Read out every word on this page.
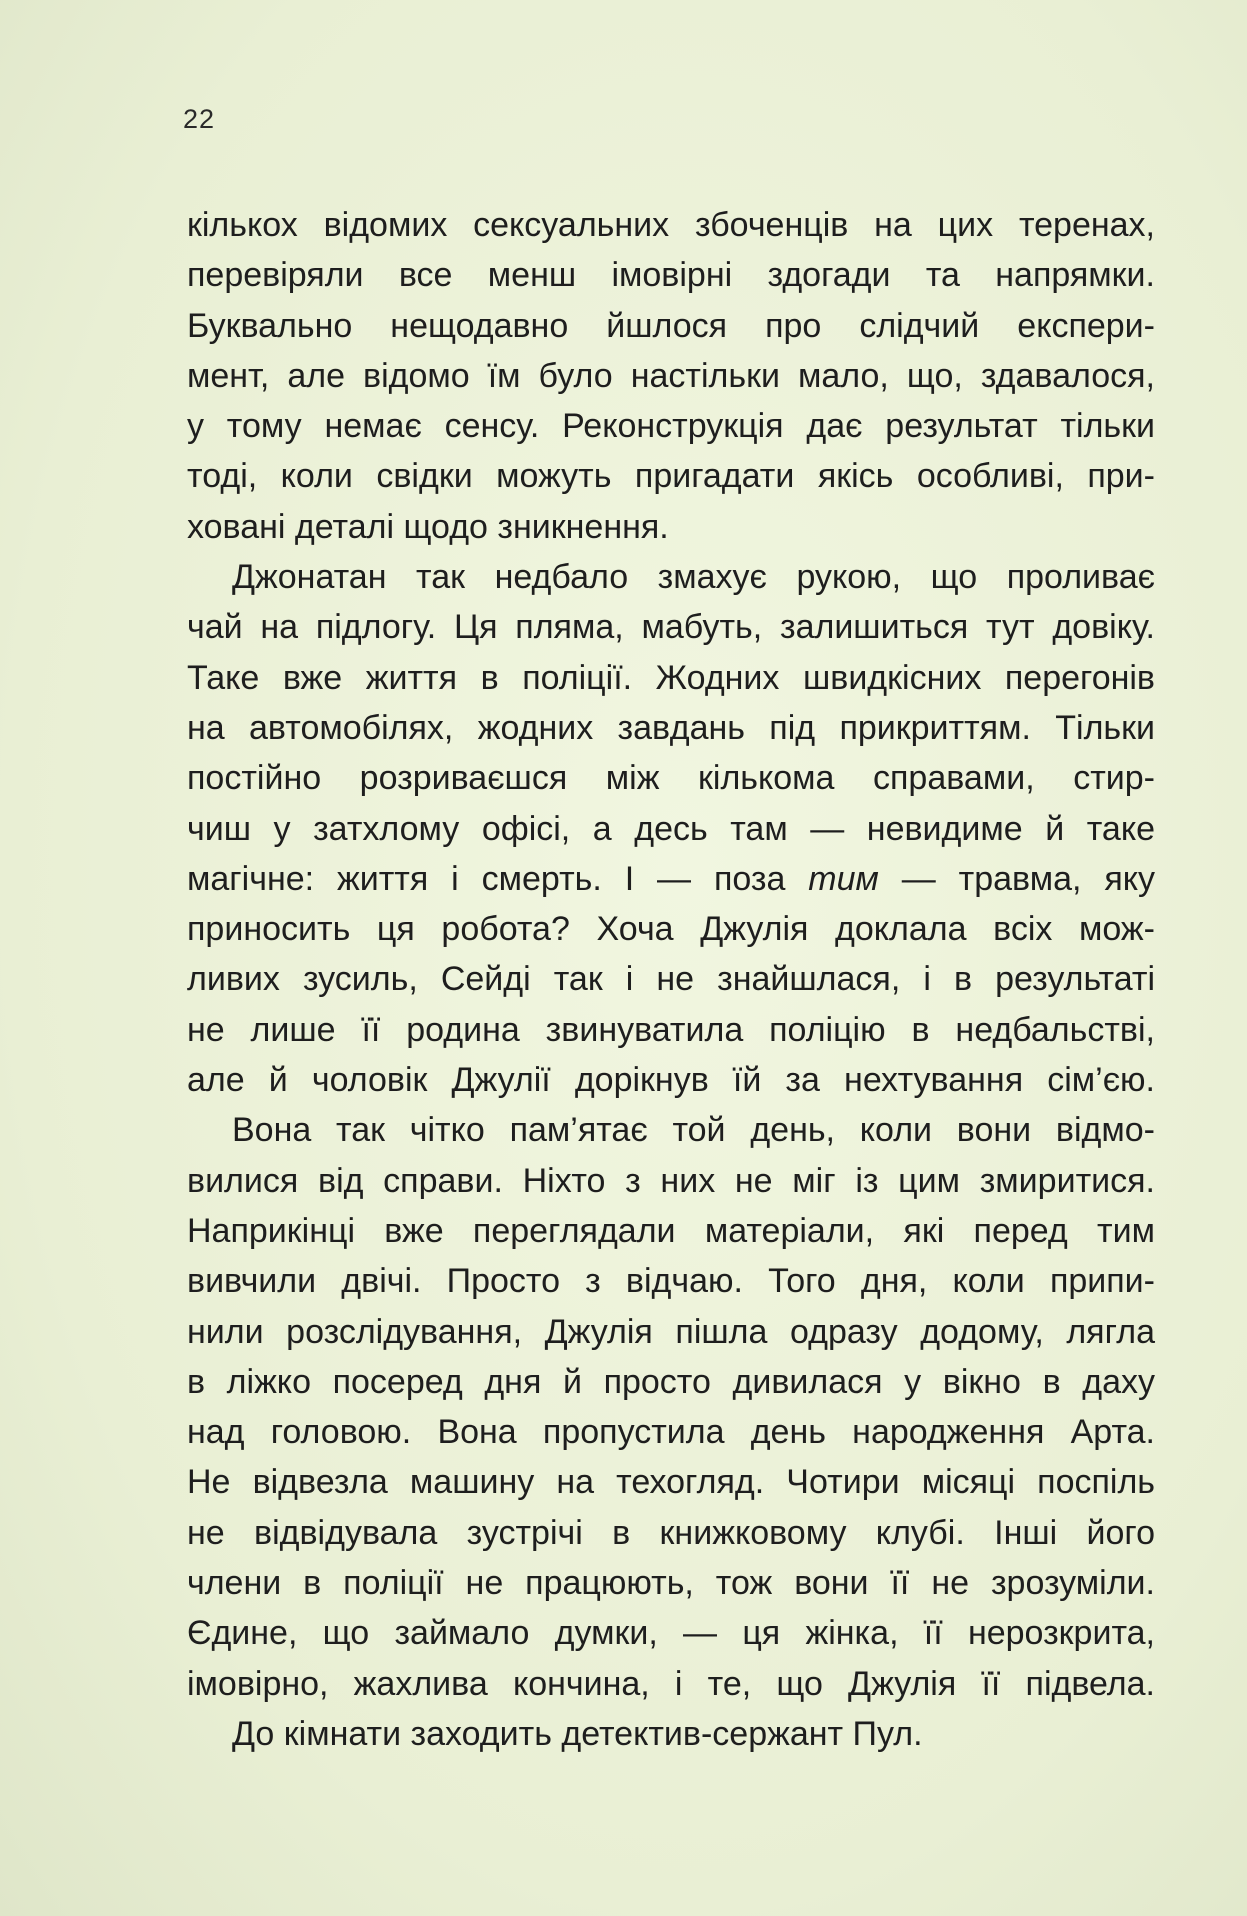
22
кількох відомих сексуальних збоченців на цих теренах,
перевіряли все менш імовірні здогади та напрямки.
Буквально нещодавно йшлося про слідчий експери-
мент, але відомо їм було настільки мало, що, здавалося,
у тому немає сенсу. Реконструкція дає результат тільки
тоді, коли свідки можуть пригадати якісь особливі, при-
ховані деталі щодо зникнення.
Джонатан так недбало змахує рукою, що проливає
чай на підлогу. Ця пляма, мабуть, залишиться тут довіку.
Таке вже життя в поліції. Жодних швидкісних перегонів
на автомобілях, жодних завдань під прикриттям. Тільки
постійно розриваєшся між кількома справами, стир-
чиш у затхлому офісі, а десь там — невидиме й таке
магічне: життя і смерть. І — поза тим — травма, яку
приносить ця робота? Хоча Джулія доклала всіх мож-
ливих зусиль, Сейді так і не знайшлася, і в результаті
не лише її родина звинуватила поліцію в недбальстві,
але й чоловік Джулії дорікнув їй за нехтування сім’єю.
Вона так чітко пам’ятає той день, коли вони відмо-
вилися від справи. Ніхто з них не міг із цим змиритися.
Наприкінці вже переглядали матеріали, які перед тим
вивчили двічі. Просто з відчаю. Того дня, коли припи-
нили розслідування, Джулія пішла одразу додому, лягла
в ліжко посеред дня й просто дивилася у вікно в даху
над головою. Вона пропустила день народження Арта.
Не відвезла машину на техогляд. Чотири місяці поспіль
не відвідувала зустрічі в книжковому клубі. Інші його
члени в поліції не працюють, тож вони її не зрозуміли.
Єдине, що займало думки, — ця жінка, її нерозкрита,
імовірно, жахлива кончина, і те, що Джулія її підвела.
До кімнати заходить детектив-сержант Пул.
